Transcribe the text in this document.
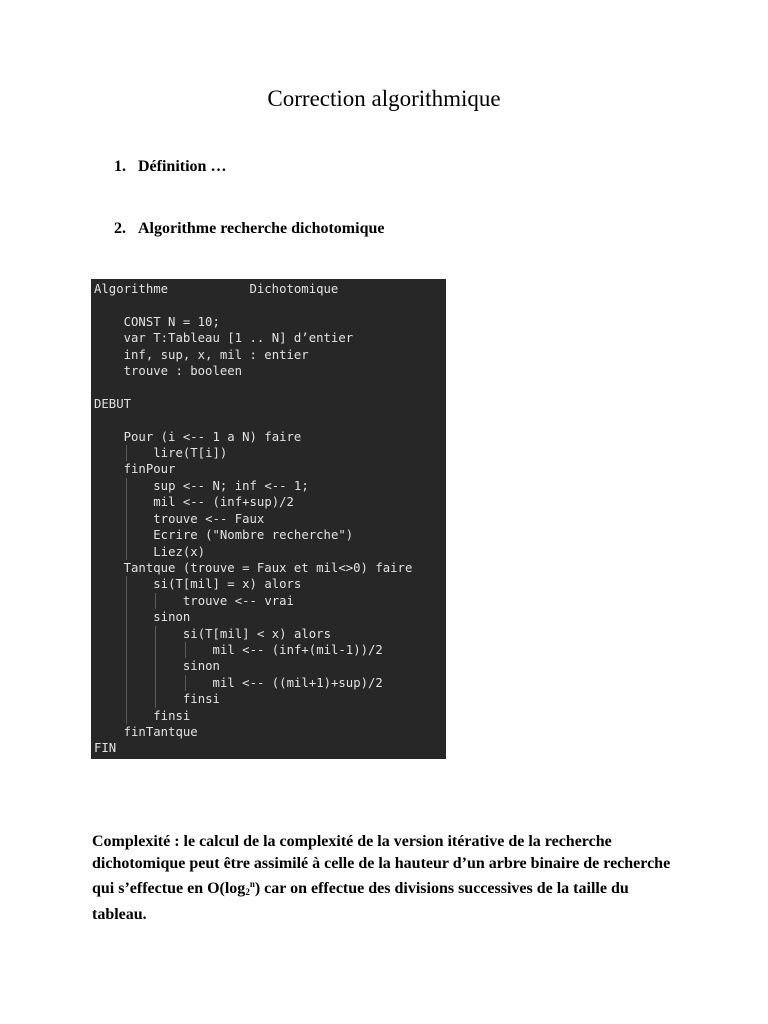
Correction algorithmique
1. Définition …
2. Algorithme recherche dichotomique
Algorithme           Dichotomique
CONST N = 10;
var T:Tableau [1 .. N] d’entier
inf, sup, x, mil : entier
trouve : booleen
DEBUT
Pour (i <-- 1 a N) faire
lire(T[i])
finPour
sup <-- N; inf <-- 1;
mil <-- (inf+sup)/2
trouve <-- Faux
Ecrire ("Nombre recherche")
Liez(x)
Tantque (trouve = Faux et mil<>0) faire
si(T[mil] = x) alors
trouve <-- vrai
sinon
si(T[mil] < x) alors
mil <-- (inf+(mil-1))/2
sinon
mil <-- ((mil+1)+sup)/2
finsi
finsi
finTantque
FIN
Complexité : le calcul de la complexité de la version itérative de la recherche dichotomique peut être assimilé à celle de la hauteur d’un arbre binaire de recherche qui s’effectue en $O(\log_2^n)$ car on effectue des divisions successives de la taille du tableau.
